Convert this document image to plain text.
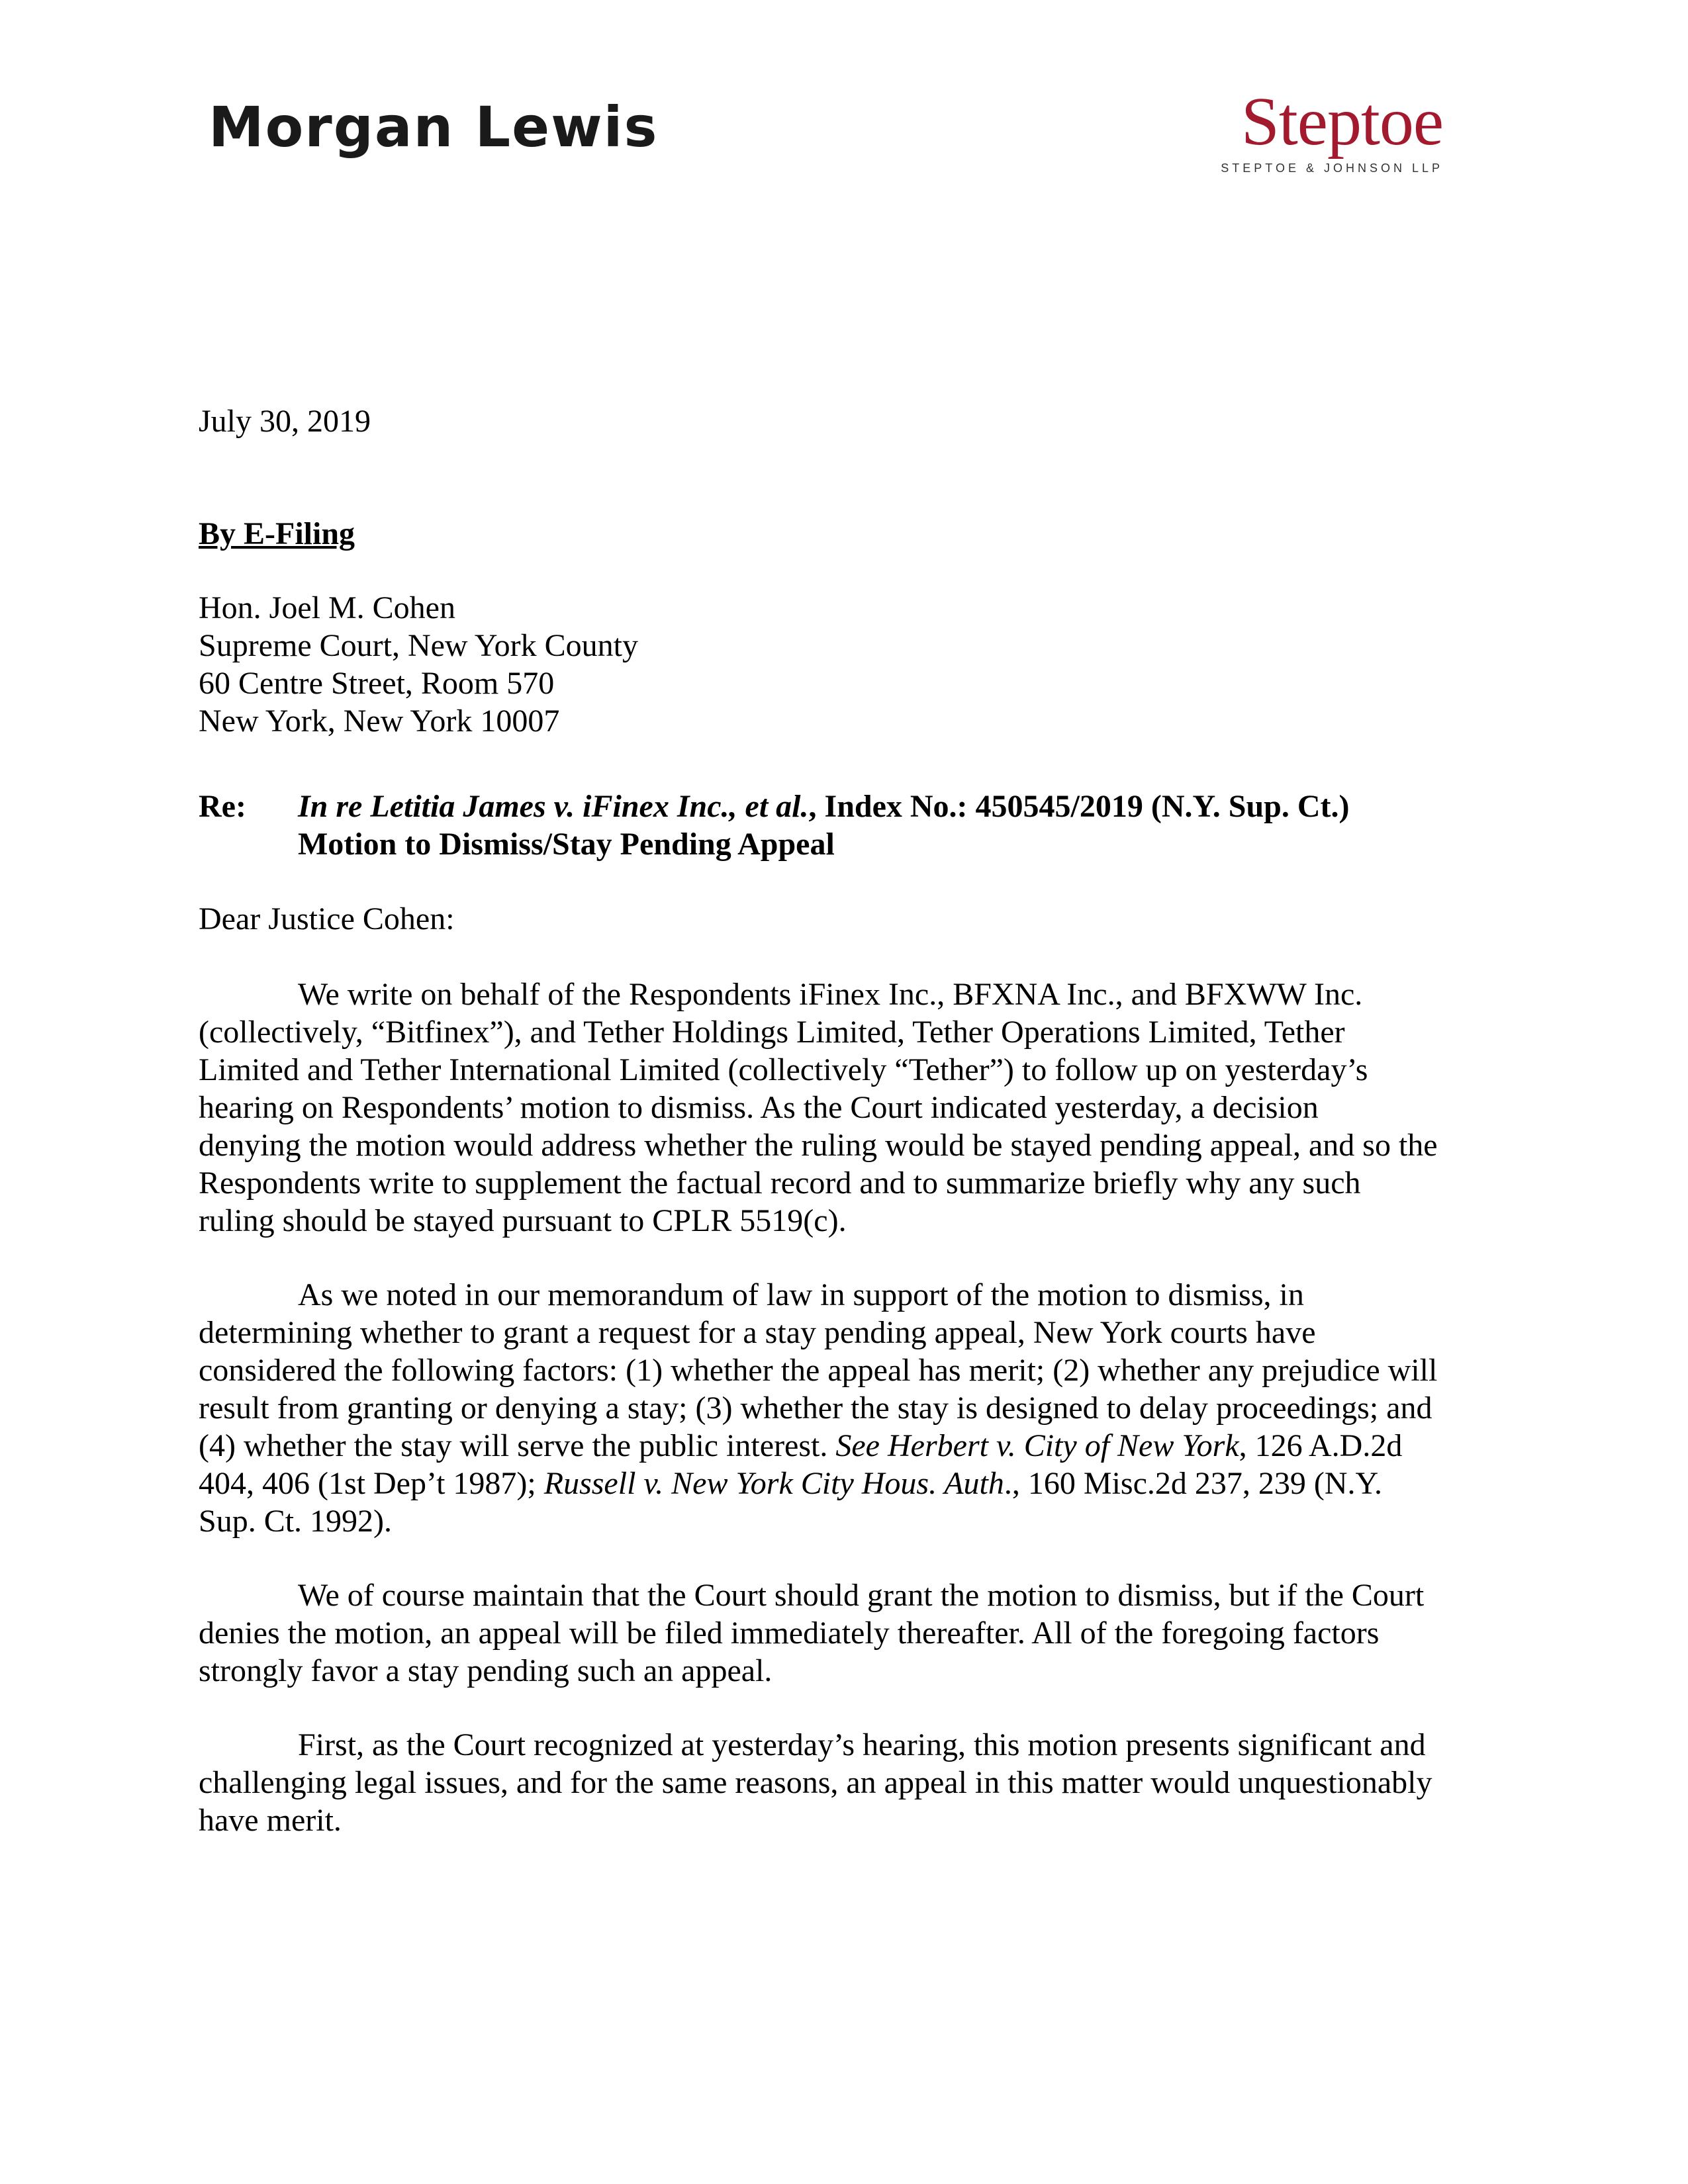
Morgan Lewis	Steptoe
STEPTOE & JOHNSON LLP
July 30, 2019
By E-Filing
Hon. Joel M. Cohen
Supreme Court, New York County
60 Centre Street, Room 570
New York, New York 10007
Re: In re Letitia James v. iFinex Inc., et al., Index No.: 450545/2019 (N.Y. Sup. Ct.)
Motion to Dismiss/Stay Pending Appeal
Dear Justice Cohen:
We write on behalf of the Respondents iFinex Inc., BFXNA Inc., and BFXWW Inc.
(collectively, “Bitfinex”), and Tether Holdings Limited, Tether Operations Limited, Tether
Limited and Tether International Limited (collectively “Tether”) to follow up on yesterday’s
hearing on Respondents’ motion to dismiss. As the Court indicated yesterday, a decision
denying the motion would address whether the ruling would be stayed pending appeal, and so the
Respondents write to supplement the factual record and to summarize briefly why any such
ruling should be stayed pursuant to CPLR 5519(c).
As we noted in our memorandum of law in support of the motion to dismiss, in
determining whether to grant a request for a stay pending appeal, New York courts have
considered the following factors: (1) whether the appeal has merit; (2) whether any prejudice will
result from granting or denying a stay; (3) whether the stay is designed to delay proceedings; and
(4) whether the stay will serve the public interest. See Herbert v. City of New York, 126 A.D.2d
404, 406 (1st Dep’t 1987); Russell v. New York City Hous. Auth., 160 Misc.2d 237, 239 (N.Y.
Sup. Ct. 1992).
We of course maintain that the Court should grant the motion to dismiss, but if the Court
denies the motion, an appeal will be filed immediately thereafter. All of the foregoing factors
strongly favor a stay pending such an appeal.
First, as the Court recognized at yesterday’s hearing, this motion presents significant and
challenging legal issues, and for the same reasons, an appeal in this matter would unquestionably
have merit.
